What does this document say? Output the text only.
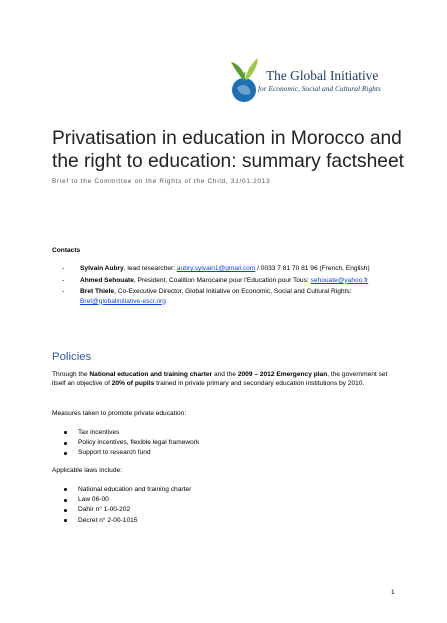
The Global Initiative
for Economic, Social and Cultural Rights
Privatisation in education in Morocco and the right to education: summary factsheet
Brief to the Committee on the Rights of the Child, 31/01.2013
Contacts
- Sylvain Aubry, lead researcher: aubry.sylvain1@gmail.com / 0033 7 81 70 81 96 (French, English)
- Ahmed Sehouate, President, Coalition Marocaine pour l'Education pour Tous: sehouate@yahoo.fr
- Bret Thiele, Co-Executive Director, Global Initiative on Economic, Social and Cultural Rights: Bret@globalinitiative-escr.org
Policies

Through the National education and training charter and the 2009 – 2012 Emergency plan, the government set itself an objective of 20% of pupils trained in private primary and secondary education institutions by 2010.

Measures taken to promote private education:

Tax incentives
Policy incentives, flexible legal framework
Support to research fund

Applicable laws include:

National education and training charter
Law 06-00
Dahir n° 1-00-202
Décret n° 2-00-1015
1
